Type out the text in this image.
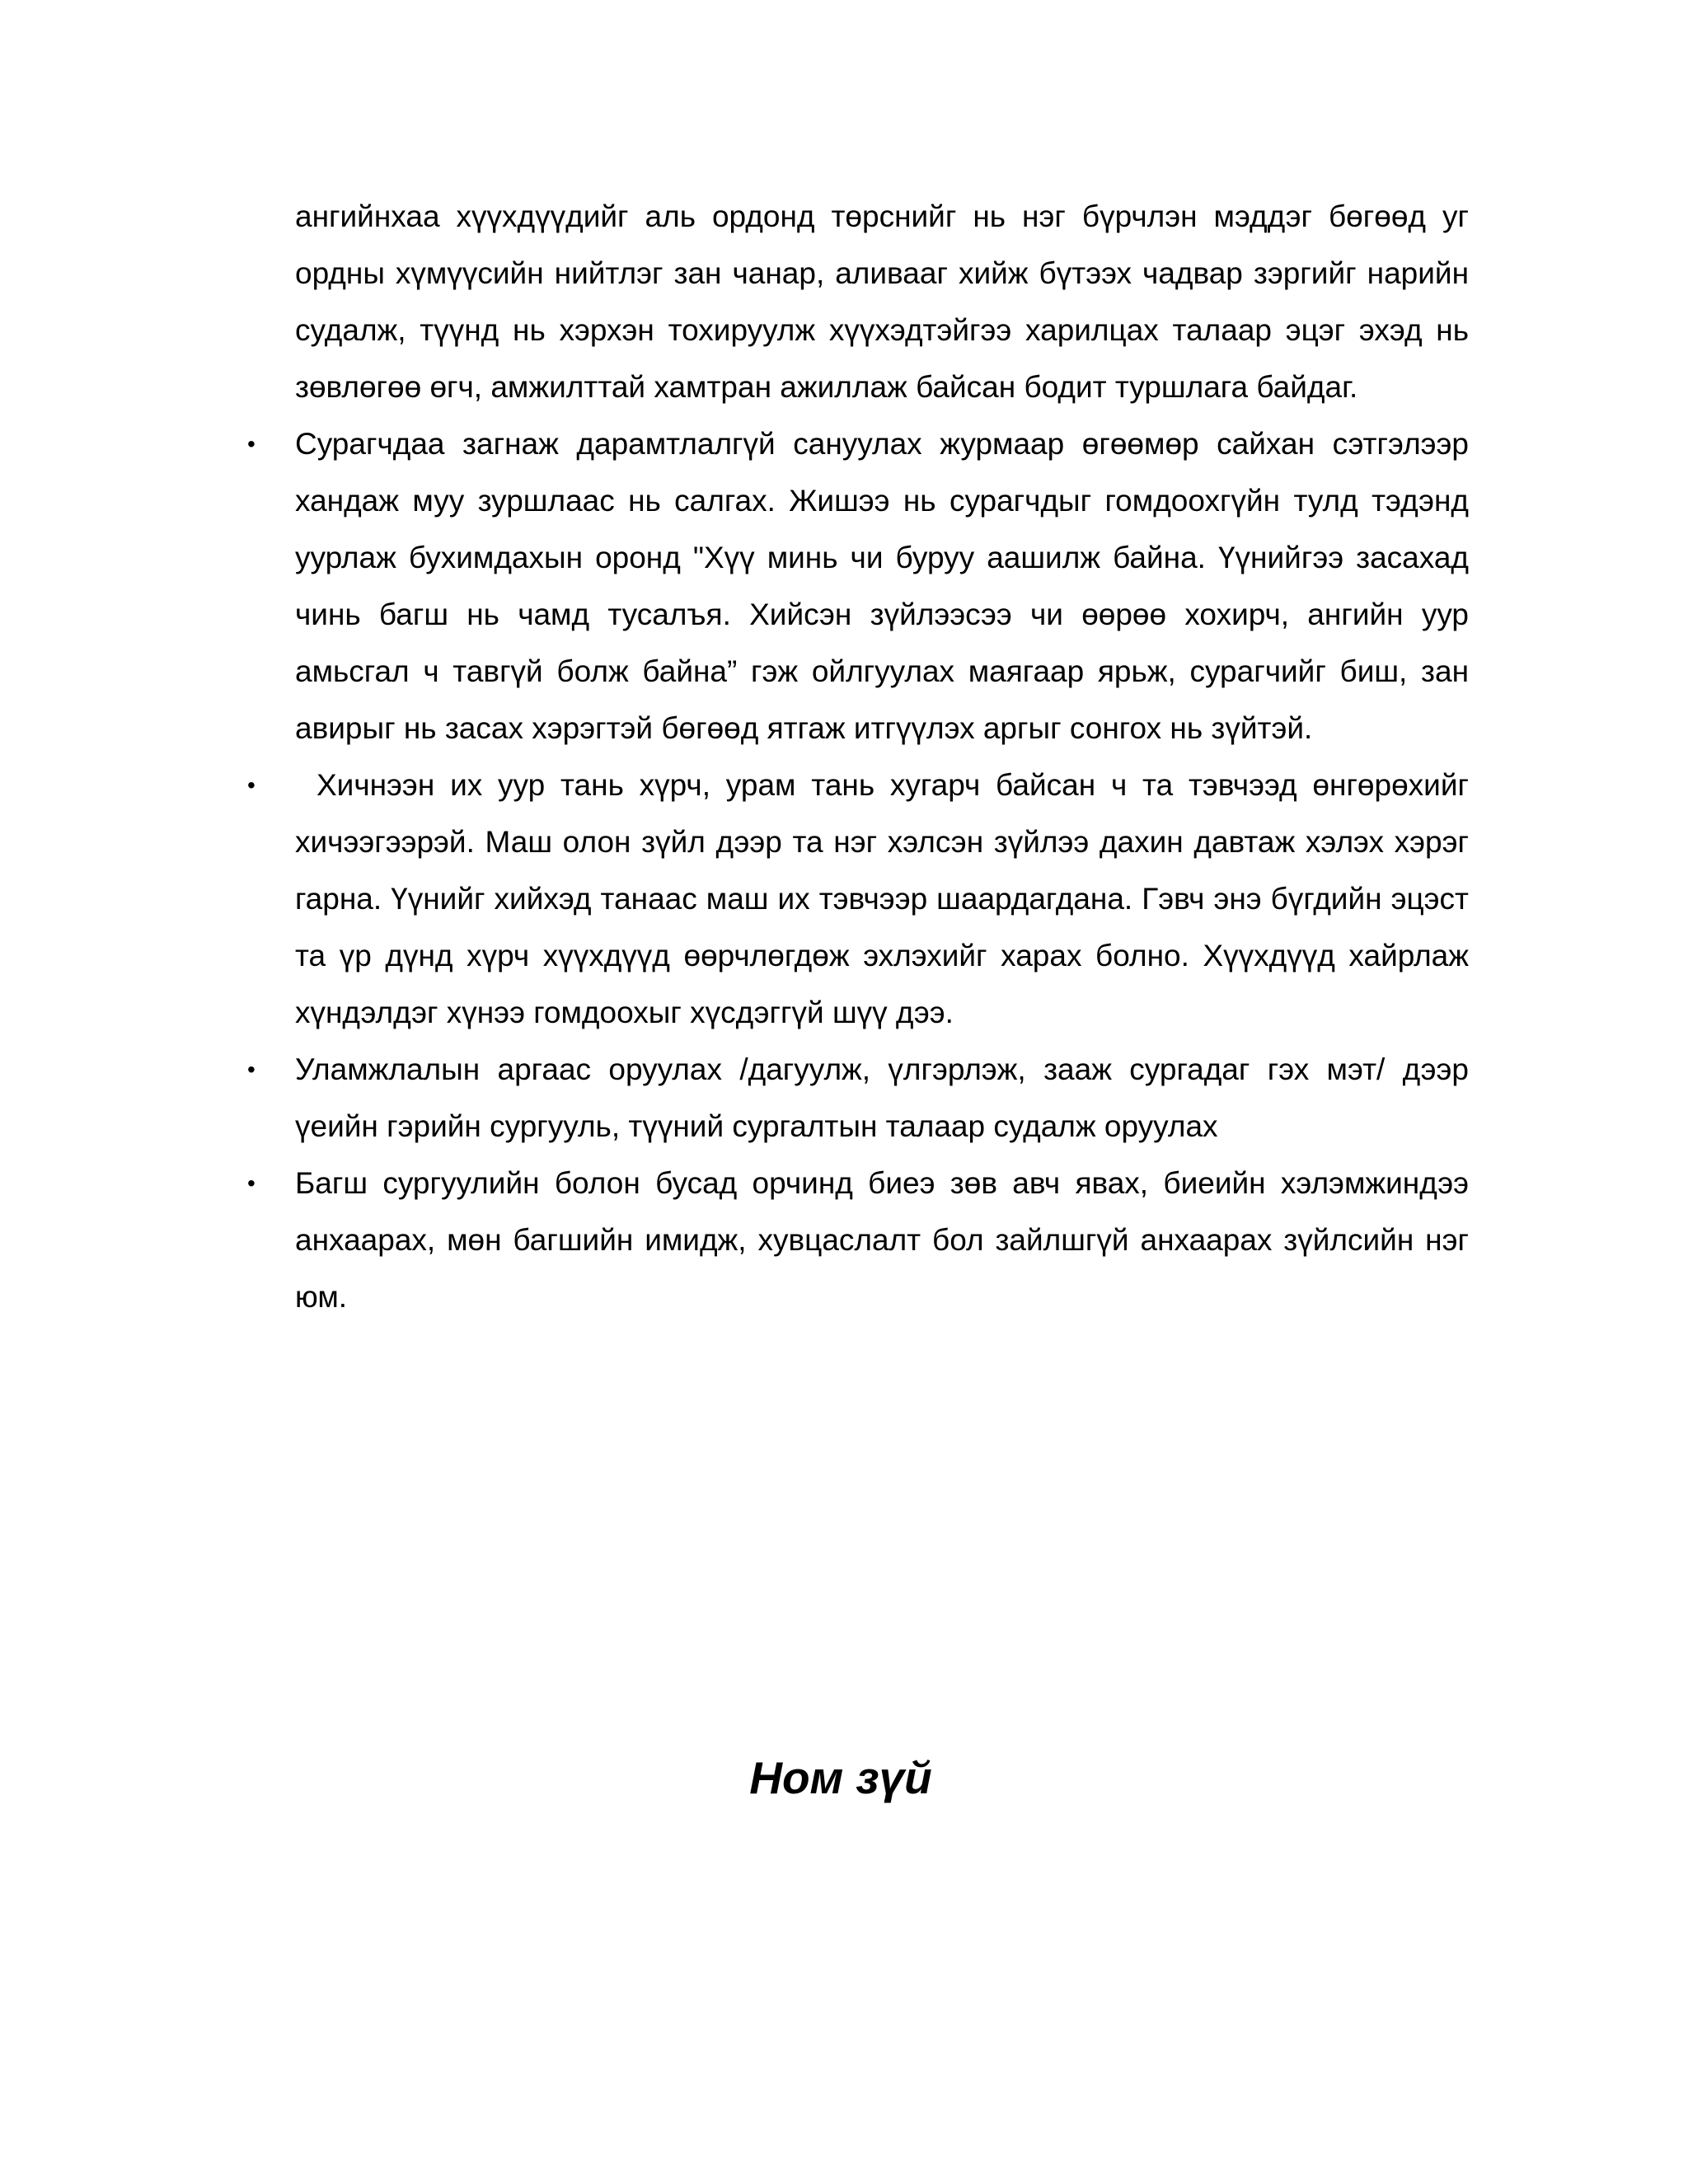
ангийнхаа хүүхдүүдийг аль ордонд төрснийг нь нэг бүрчлэн мэддэг бөгөөд уг ордны хүмүүсийн нийтлэг зан чанар, аливааг хийж бүтээх чадвар зэргийг нарийн судалж, түүнд нь хэрхэн тохируулж хүүхэдтэйгээ харилцах талаар эцэг эхэд нь зөвлөгөө өгч, амжилттай хамтран ажиллаж байсан бодит туршлага байдаг.

• Сурагчдаа загнаж дарамтлалгүй сануулах журмаар өгөөмөр сайхан сэтгэлээр хандаж муу зуршлаас нь салгах. Жишээ нь сурагчдыг гомдоохгүйн тулд тэдэнд уурлаж бухимдахын оронд "Хүү минь чи буруу аашилж байна. Үүнийгээ засахад чинь багш нь чамд тусалъя. Хийсэн зүйлээсээ чи өөрөө хохирч, ангийн уур амьсгал ч тавгүй болж байна” гэж ойлгуулах маягаар ярьж, сурагчийг биш, зан авирыг нь засах хэрэгтэй бөгөөд ятгаж итгүүлэх аргыг сонгох нь зүйтэй.
• Хичнээн их уур тань хүрч, урам тань хугарч байсан ч та тэвчээд өнгөрөхийг хичээгээрэй. Маш олон зүйл дээр та нэг хэлсэн зүйлээ дахин давтаж хэлэх хэрэг гарна. Үүнийг хийхэд танаас маш их тэвчээр шаардагдана. Гэвч энэ бүгдийн эцэст та үр дүнд хүрч хүүхдүүд өөрчлөгдөж эхлэхийг харах болно. Хүүхдүүд хайрлаж хүндэлдэг хүнээ гомдоохыг хүсдэггүй шүү дээ.
• Уламжлалын аргаас оруулах /дагуулж, үлгэрлэж, зааж сургадаг гэх мэт/ дээр үеийн гэрийн сургууль, түүний сургалтын талаар судалж оруулах
• Багш сургуулийн болон бусад орчинд биеэ зөв авч явах, биеийн хэлэмжиндээ анхаарах, мөн багшийн имидж, хувцаслалт бол зайлшгүй анхаарах зүйлсийн нэг юм.
Ном зүй
